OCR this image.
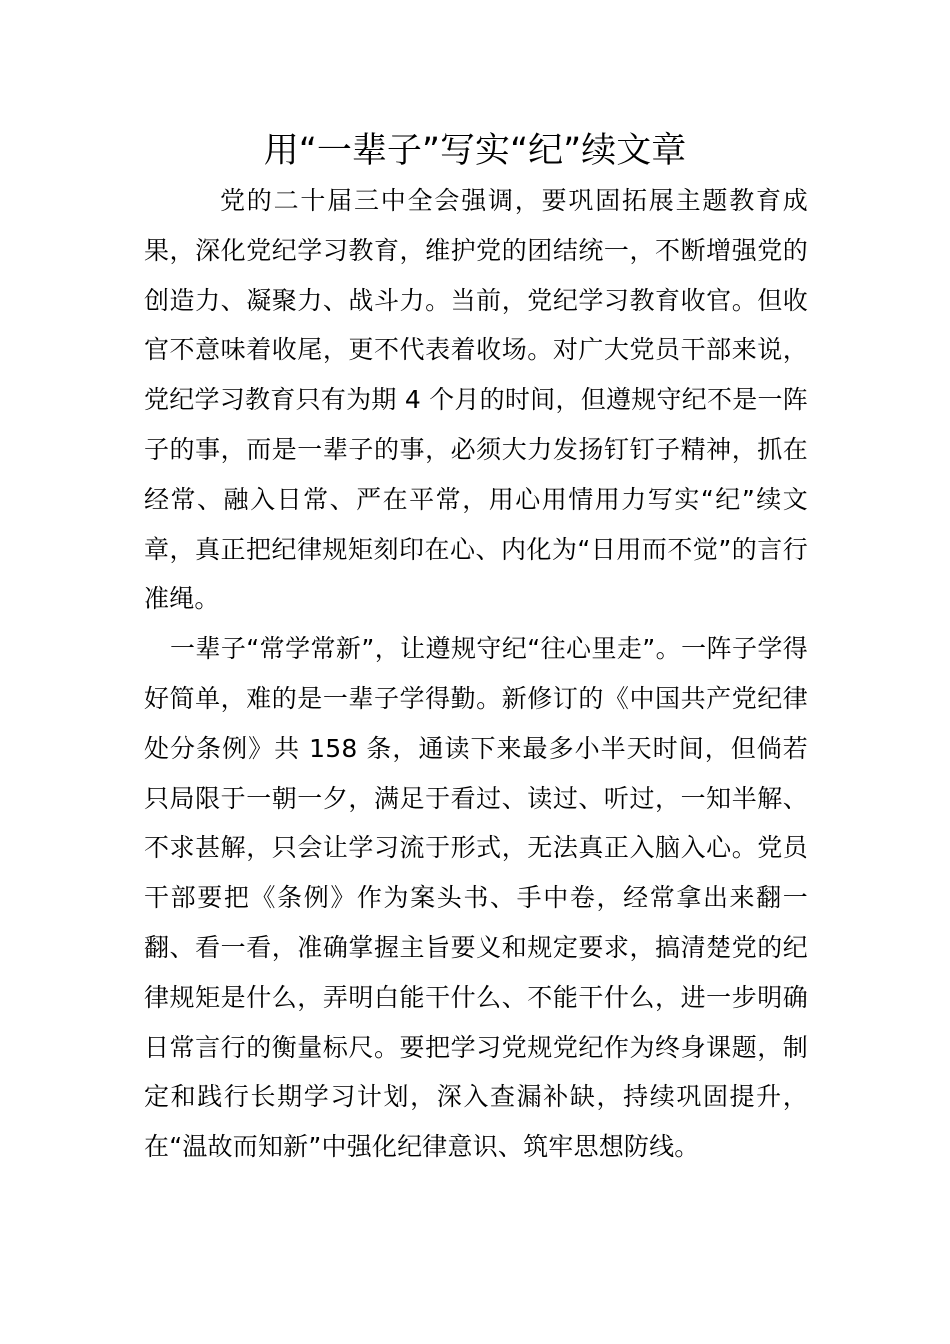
用“一辈子”写实“纪”续文章

党的二十届三中全会强调，要巩固拓展主题教育成果，深化党纪学习教育，维护党的团结统一，不断增强党的创造力、凝聚力、战斗力。当前，党纪学习教育收官。但收官不意味着收尾，更不代表着收场。对广大党员干部来说，党纪学习教育只有为期 4 个月的时间，但遵规守纪不是一阵子的事，而是一辈子的事，必须大力发扬钉钉子精神，抓在经常、融入日常、严在平常，用心用情用力写实“纪”续文章，真正把纪律规矩刻印在心、内化为“日用而不觉”的言行准绳。

一辈子“常学常新”，让遵规守纪“往心里走”。一阵子学得好简单，难的是一辈子学得勤。新修订的《中国共产党纪律处分条例》共 158 条，通读下来最多小半天时间，但倘若只局限于一朝一夕，满足于看过、读过、听过，一知半解、不求甚解，只会让学习流于形式，无法真正入脑入心。党员干部要把《条例》作为案头书、手中卷，经常拿出来翻一翻、看一看，准确掌握主旨要义和规定要求，搞清楚党的纪律规矩是什么，弄明白能干什么、不能干什么，进一步明确日常言行的衡量标尺。要把学习党规党纪作为终身课题，制定和践行长期学习计划，深入查漏补缺，持续巩固提升，在“温故而知新”中强化纪律意识、筑牢思想防线。
